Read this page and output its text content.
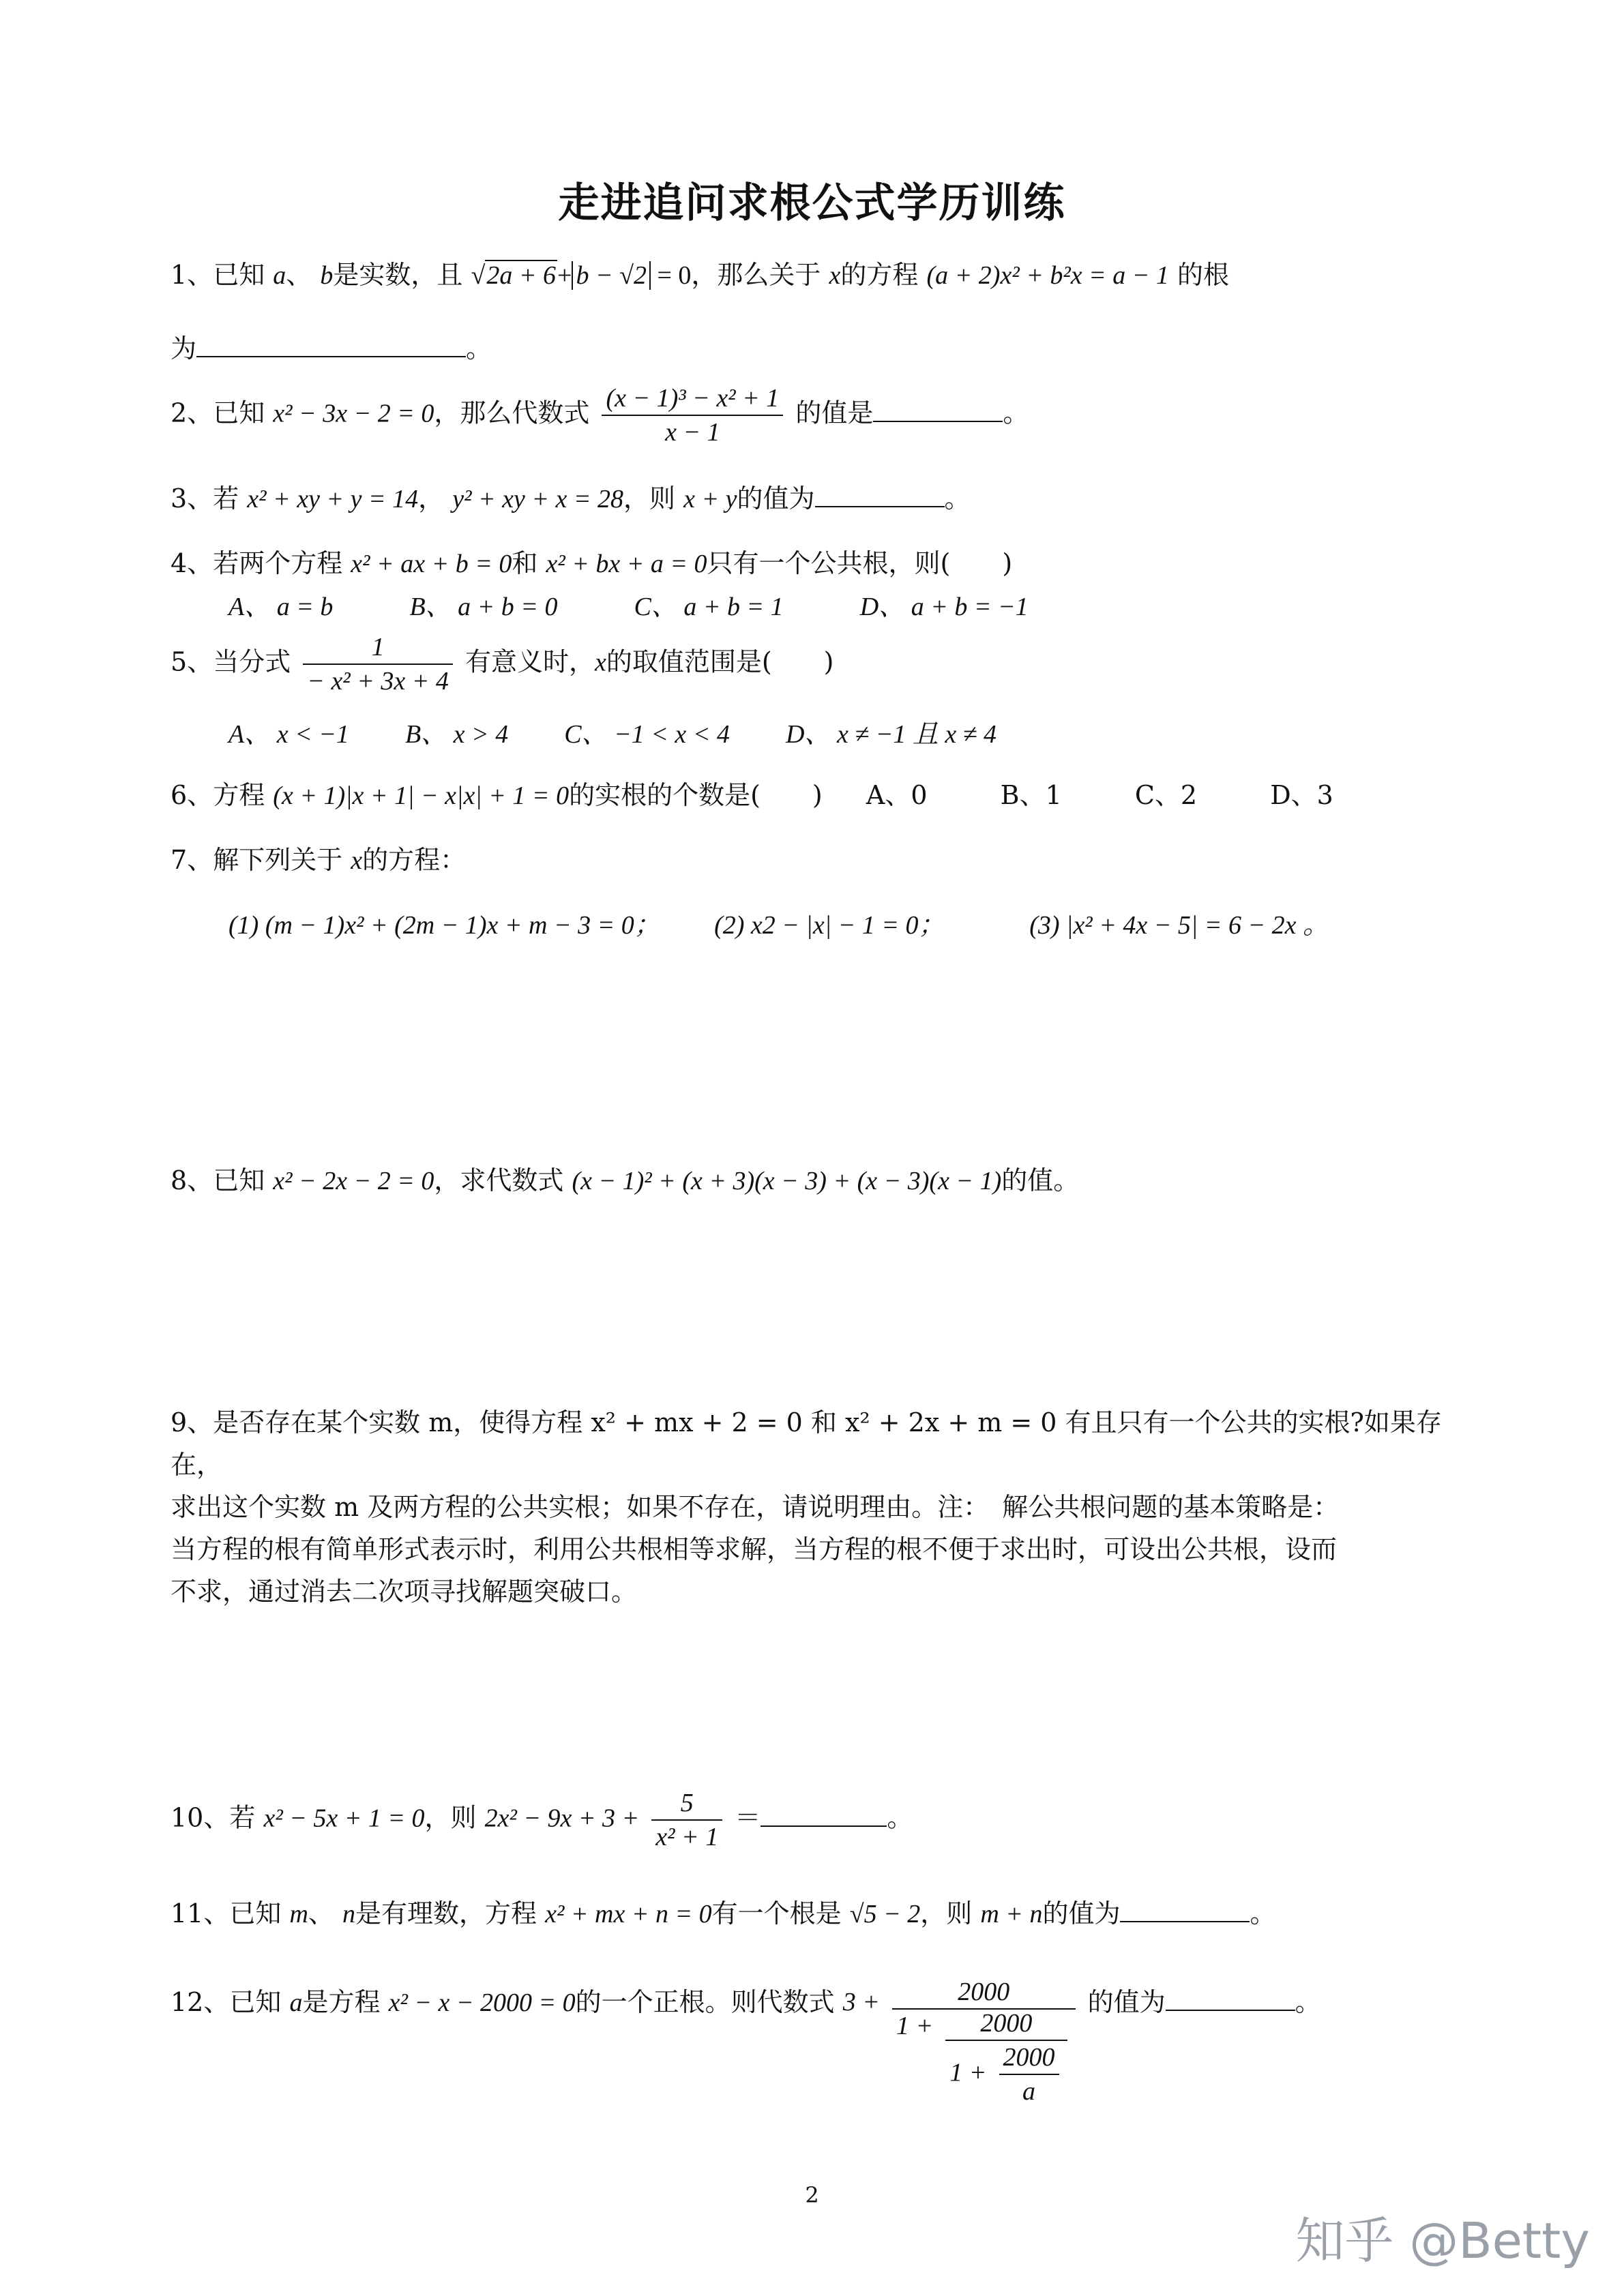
走进追问求根公式学历训练
1、已知 a、 b是实数，且 √2a + 6+ b − √2 = 0，那么关于 x的方程 (a + 2)x² + b²x = a − 1 的根
为	。
2、已知 x² − 3x − 2 = 0，那么代数式 $\frac{\text{(x − 1)³ − x² + 1}}{x - 1}$ 的值是	。
3、若 x² + xy + y = 14， y² + xy + x = 28，则 x + y的值为	。
4、若两个方程 x² + ax + b = 0和 x² + bx + a = 0只有一个公共根，则(　　)
A、 a = b	B、 a + b = 0	C、 a + b = 1	D、 a + b = −1
5、当分式 $\frac{1}{\text{− x² + 3x + 4}}$ 有意义时，x的取值范围是(　　)
A、 x < −1 B、 x > 4 C、 −1 < x < 4 D、 x ≠ −1 且 x ≠ 4
6、方程 (x + 1)|x + 1| − x|x| + 1 = 0的实根的个数是(　　) A、0	B、1	C、2	D、3
7、解下列关于 x的方程：
(1) (m − 1)x² + (2m − 1)x + m − 3 = 0； (2) x2 − |x| − 1 = 0；	(3) |x² + 4x − 5| = 6 − 2x 。
8、已知 x² − 2x − 2 = 0，求代数式 (x − 1)² + (x + 3)(x − 3) + (x − 3)(x − 1)的值。
9、是否存在某个实数 m，使得方程 x² + mx + 2 = 0 和 x² + 2x + m = 0 有且只有一个公共的实根?如果存在，
求出这个实数 m 及两方程的公共实根；如果不存在，请说明理由。注：　解公共根问题的基本策略是：
当方程的根有简单形式表示时，利用公共根相等求解，当方程的根不便于求出时，可设出公共根，设而
不求，通过消去二次项寻找解题突破口。
10、若 x² − 5x + 1 = 0，则 $2x^2 - 9x + 3 + \frac{5}{\text{x² + 1}}$ ＝	。
11、已知 m、 n是有理数，方程 x² + mx + n = 0有一个根是 √5 − 2，则 m + n的值为	。
12、已知 a是方程 x² − x − 2000 = 0的一个正根。则代数式 3 +	2000
$1 + \frac{2000}{1 + \frac{2000}{a}}$
的值为	。
2
知乎 @Betty
